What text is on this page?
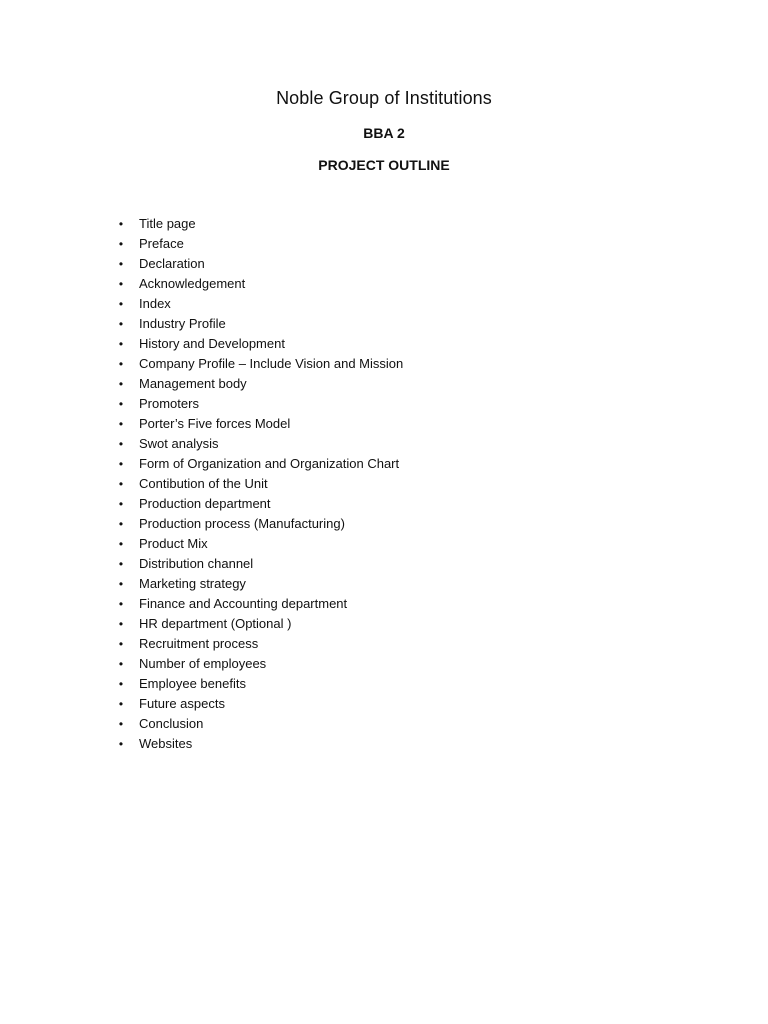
Noble Group of Institutions
BBA 2
PROJECT OUTLINE
• Title page
• Preface
• Declaration
• Acknowledgement
• Index
• Industry Profile
• History and Development
• Company Profile – Include Vision and Mission
• Management body
• Promoters
• Porter’s Five forces Model
• Swot analysis
• Form of Organization and Organization Chart
• Contibution of the Unit
• Production department
• Production process (Manufacturing)
• Product Mix
• Distribution channel
• Marketing strategy
• Finance and Accounting department
• HR department (Optional )
• Recruitment process
• Number of employees
• Employee benefits
• Future aspects
• Conclusion
• Websites
